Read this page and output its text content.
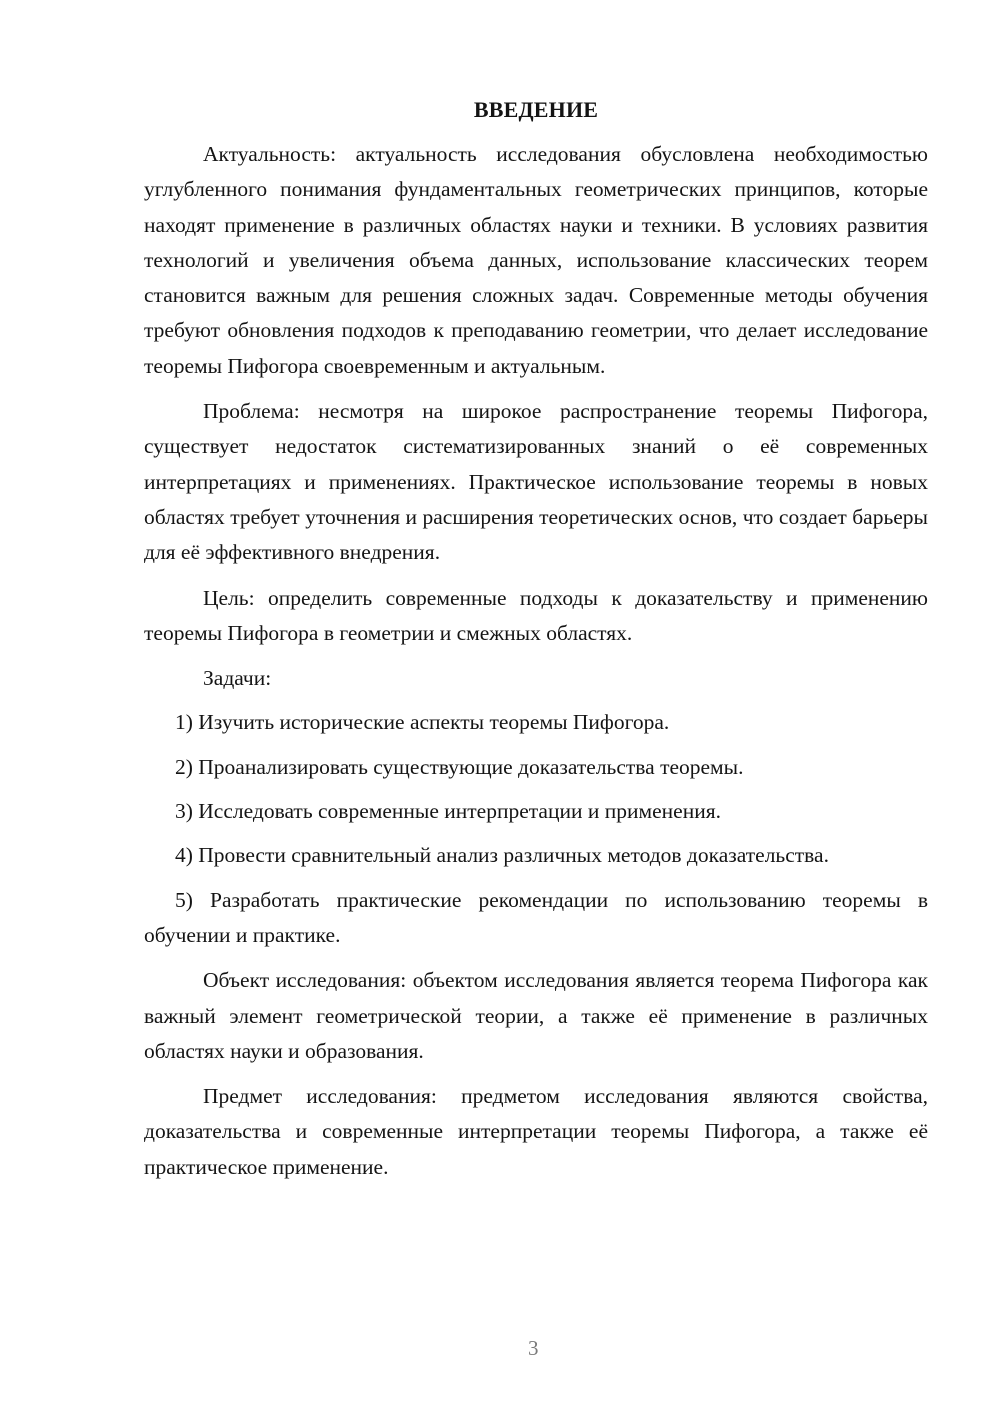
ВВЕДЕНИЕ

Актуальность: актуальность исследования обусловлена необходимостью углубленного понимания фундаментальных геометрических принципов, которые находят применение в различных областях науки и техники. В условиях развития технологий и увеличения объема данных, использование классических теорем становится важным для решения сложных задач. Современные методы обучения требуют обновления подходов к преподаванию геометрии, что делает исследование теоремы Пифогора своевременным и актуальным.

Проблема: несмотря на широкое распространение теоремы Пифогора, существует недостаток систематизированных знаний о её современных интерпретациях и применениях. Практическое использование теоремы в новых областях требует уточнения и расширения теоретических основ, что создает барьеры для её эффективного внедрения.

Цель: определить современные подходы к доказательству и применению теоремы Пифогора в геометрии и смежных областях.

Задачи:

1) Изучить исторические аспекты теоремы Пифогора.

2) Проанализировать существующие доказательства теоремы.

3) Исследовать современные интерпретации и применения.

4) Провести сравнительный анализ различных методов доказательства.

5) Разработать практические рекомендации по использованию теоремы в обучении и практике.

Объект исследования: объектом исследования является теорема Пифогора как важный элемент геометрической теории, а также её применение в различных областях науки и образования.

Предмет исследования: предметом исследования являются свойства, доказательства и современные интерпретации теоремы Пифогора, а также её практическое применение.

3
